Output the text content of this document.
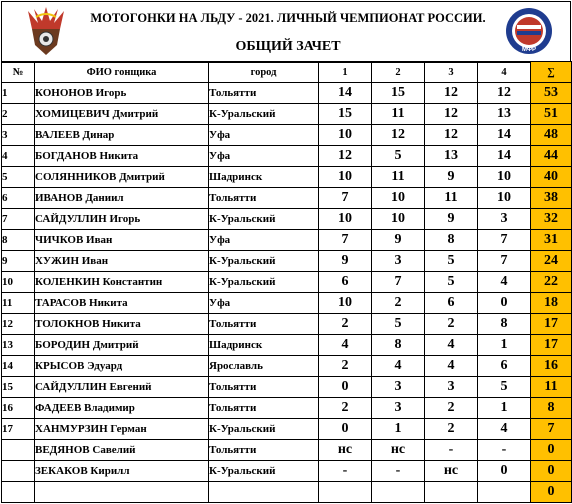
МОТОГОНКИ НА ЛЬДУ - 2021. ЛИЧНЫЙ ЧЕМПИОНАТ РОССИИ.
ОБЩИЙ ЗАЧЕТ	МФР
№	ФИО гонщика	город	1	2	3	4	∑
1	КОНОНОВ Игорь	Тольятти	14	15	12	12	53
2	ХОМИЦЕВИЧ Дмитрий	К-Уральский	15	11	12	13	51
3	ВАЛЕЕВ Динар	Уфа	10	12	12	14	48
4	БОГДАНОВ Никита	Уфа	12	5	13	14	44
5	СОЛЯННИКОВ Дмитрий	Шадринск	10	11	9	10	40
6	ИВАНОВ Даниил	Тольятти	7	10	11	10	38
7	САЙДУЛЛИН Игорь	К-Уральский	10	10	9	3	32
8	ЧИЧКОВ Иван	Уфа	7	9	8	7	31
9	ХУЖИН Иван	К-Уральский	9	3	5	7	24
10	КОЛЕНКИН Константин	К-Уральский	6	7	5	4	22
11	ТАРАСОВ Никита	Уфа	10	2	6	0	18
12	ТОЛОКНОВ Никита	Тольятти	2	5	2	8	17
13	БОРОДИН Дмитрий	Шадринск	4	8	4	1	17
14	КРЫСОВ Эдуард	Ярославль	2	4	4	6	16
15	САЙДУЛЛИН Евгений	Тольятти	0	3	3	5	11
16	ФАДЕЕВ Владимир	Тольятти	2	3	2	1	8
17	ХАНМУРЗИН Герман	К-Уральский	0	1	2	4	7
	ВЕДЯНОВ Савелий	Тольятти	нс	нс	-	-	0
	ЗЕКАКОВ Кирилл	К-Уральский	-	-	нс	0	0
							0
